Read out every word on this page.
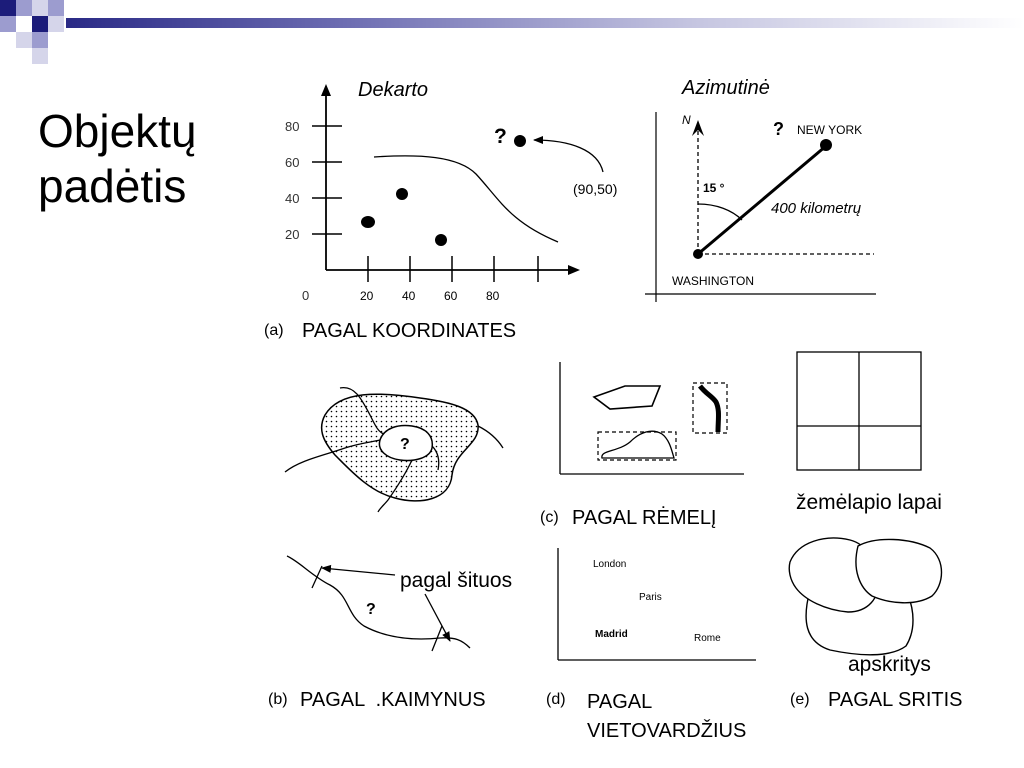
Objektų
padėtis
Dekarto
80
60
40
20
0	20 40 60 80
?
(90,50)
Azimutinė
N
15 °
? NEW YORK
400 kilometrų
WASHINGTON
(a) PAGAL KOORDINATES
?
(c) PAGAL RĖMELĮ
žemėlapio lapai
?
pagal šituos
(b) PAGAL  .KAIMYNUS
London
Paris
Madrid	Rome
(d) PAGAL
VIETOVARDŽIUS
apskritys
(e) PAGAL SRITIS
